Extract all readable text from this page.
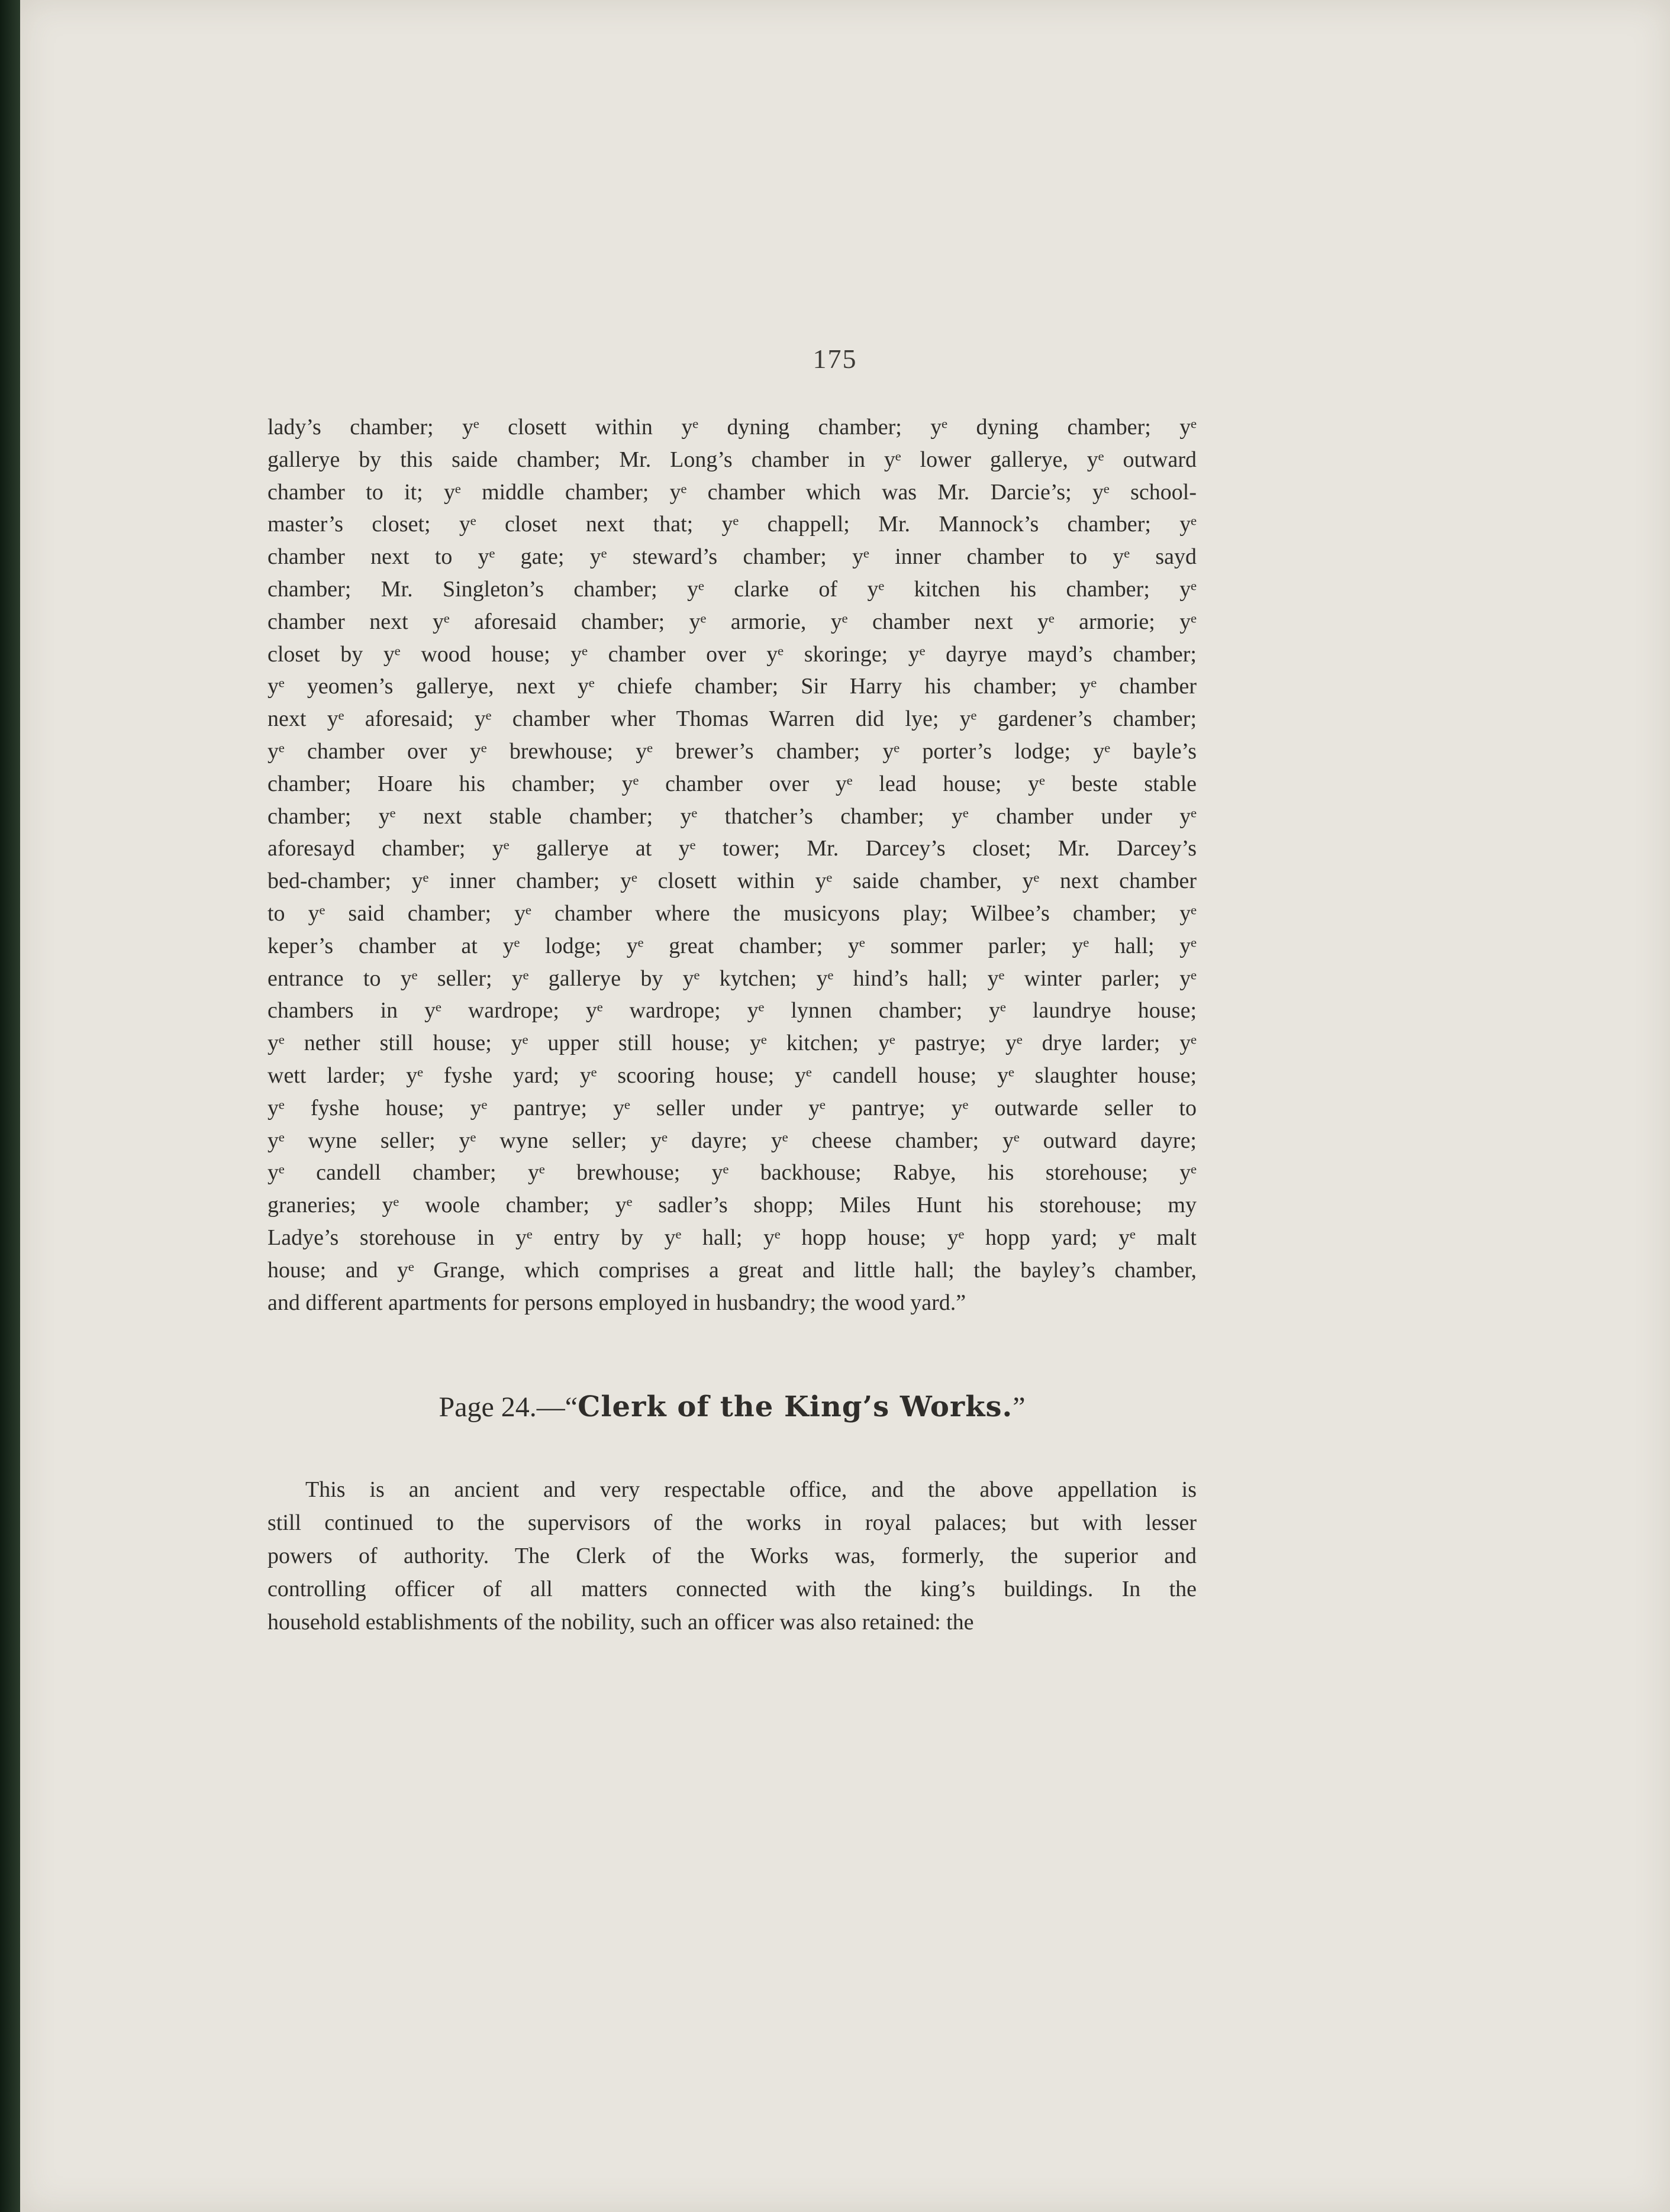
175
lady’s chamber; yᵉ closett within yᵉ dyning chamber; yᵉ dyning chamber; yᵉ
gallerye by this saide chamber; Mr. Long’s chamber in yᵉ lower gallerye, yᵉ outward
chamber to it; yᵉ middle chamber; yᵉ chamber which was Mr. Darcie’s; yᵉ school-
master’s closet; yᵉ closet next that; yᵉ chappell; Mr. Mannock’s chamber; yᵉ
chamber next to yᵉ gate; yᵉ steward’s chamber; yᵉ inner chamber to yᵉ sayd
chamber; Mr. Singleton’s chamber; yᵉ clarke of yᵉ kitchen his chamber; yᵉ
chamber next yᵉ aforesaid chamber; yᵉ armorie, yᵉ chamber next yᵉ armorie; yᵉ
closet by yᵉ wood house; yᵉ chamber over yᵉ skoringe; yᵉ dayrye mayd’s chamber;
yᵉ yeomen’s gallerye, next yᵉ chiefe chamber; Sir Harry his chamber; yᵉ chamber
next yᵉ aforesaid; yᵉ chamber wher Thomas Warren did lye; yᵉ gardener’s chamber;
yᵉ chamber over yᵉ brewhouse; yᵉ brewer’s chamber; yᵉ porter’s lodge; yᵉ bayle’s
chamber; Hoare his chamber; yᵉ chamber over yᵉ lead house; yᵉ beste stable
chamber; yᵉ next stable chamber; yᵉ thatcher’s chamber; yᵉ chamber under yᵉ
aforesayd chamber; yᵉ gallerye at yᵉ tower; Mr. Darcey’s closet; Mr. Darcey’s
bed-chamber; yᵉ inner chamber; yᵉ closett within yᵉ saide chamber, yᵉ next chamber
to yᵉ said chamber; yᵉ chamber where the musicyons play; Wilbee’s chamber; yᵉ
keper’s chamber at yᵉ lodge; yᵉ great chamber; yᵉ sommer parler; yᵉ hall; yᵉ
entrance to yᵉ seller; yᵉ gallerye by yᵉ kytchen; yᵉ hind’s hall; yᵉ winter parler; yᵉ
chambers in yᵉ wardrope; yᵉ wardrope; yᵉ lynnen chamber; yᵉ laundrye house;
yᵉ nether still house; yᵉ upper still house; yᵉ kitchen; yᵉ pastrye; yᵉ drye larder; yᵉ
wett larder; yᵉ fyshe yard; yᵉ scooring house; yᵉ candell house; yᵉ slaughter house;
yᵉ fyshe house; yᵉ pantrye; yᵉ seller under yᵉ pantrye; yᵉ outwarde seller to
yᵉ wyne seller; yᵉ wyne seller; yᵉ dayre; yᵉ cheese chamber; yᵉ outward dayre;
yᵉ candell chamber; yᵉ brewhouse; yᵉ backhouse; Rabye, his storehouse; yᵉ
graneries; yᵉ woole chamber; yᵉ sadler’s shopp; Miles Hunt his storehouse; my
Ladye’s storehouse in yᵉ entry by yᵉ hall; yᵉ hopp house; yᵉ hopp yard; yᵉ malt
house; and yᵉ Grange, which comprises a great and little hall; the bayley’s chamber,
and different apartments for persons employed in husbandry; the wood yard.”
Page 24.—“Clerk of the King’s Works.”
This is an ancient and very respectable office, and the above appellation is
still continued to the supervisors of the works in royal palaces; but with lesser
powers of authority. The Clerk of the Works was, formerly, the superior and
controlling officer of all matters connected with the king’s buildings. In the
household establishments of the nobility, such an officer was also retained: the
